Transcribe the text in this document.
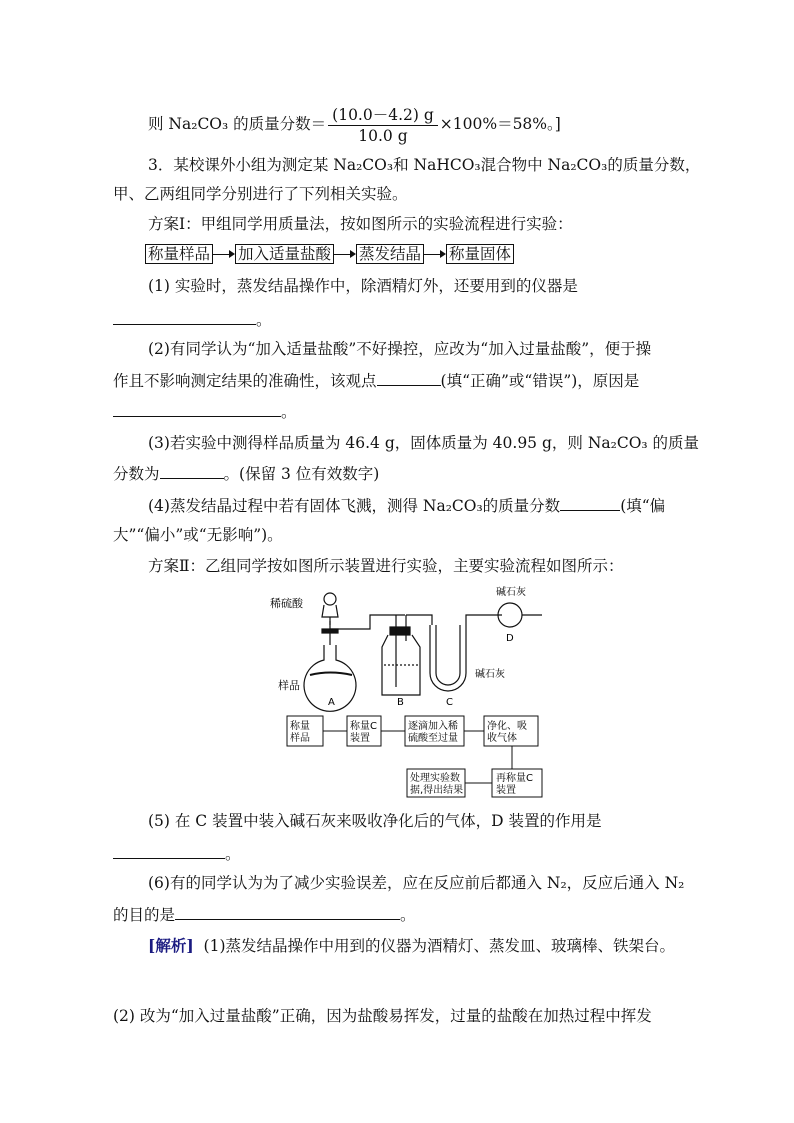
则 Na₂CO₃ 的质量分数＝ $\frac{(10.0-4.2) g}{10.0 g} \times 100\%=58\%$。]
3．某校课外小组为测定某 Na₂CO₃和 NaHCO₃混合物中 Na₂CO₃的质量分数，
甲、乙两组同学分别进行了下列相关实验。
方案Ⅰ：甲组同学用质量法，按如图所示的实验流程进行实验：
称量样品 加入适量盐酸 蒸发结晶 称量固体
(1) 实验时，蒸发结晶操作中，除酒精灯外，还要用到的仪器是
。
(2)有同学认为“加入适量盐酸”不好操控，应改为“加入过量盐酸”，便于操
作且不影响测定结果的准确性，该观点	(填“正确”或“错误”)，原因是
。
(3)若实验中测得样品质量为 46.4 g，固体质量为 40.95 g，则 Na₂CO₃ 的质量
分数为	。(保留 3 位有效数字)
(4)蒸发结晶过程中若有固体飞溅，测得 Na₂CO₃的质量分数	(填“偏
大”“偏小”或“无影响”)。
方案Ⅱ：乙组同学按如图所示装置进行实验，主要实验流程如图所示：
稀硫酸
样品
A	B
碱石灰
C
碱石灰
D
称量
样品
称量C
装置
逐滴加入稀
硫酸至过量
净化、吸
收气体
再称量C
装置
处理实验数
据,得出结果
(5) 在 C 装置中装入碱石灰来吸收净化后的气体，D 装置的作用是
。
(6)有的同学认为为了减少实验误差，应在反应前后都通入 N₂，反应后通入 N₂
的目的是	。
[解析] (1)蒸发结晶操作中用到的仪器为酒精灯、蒸发皿、玻璃棒、铁架台。
(2) 改为“加入过量盐酸”正确，因为盐酸易挥发，过量的盐酸在加热过程中挥发
